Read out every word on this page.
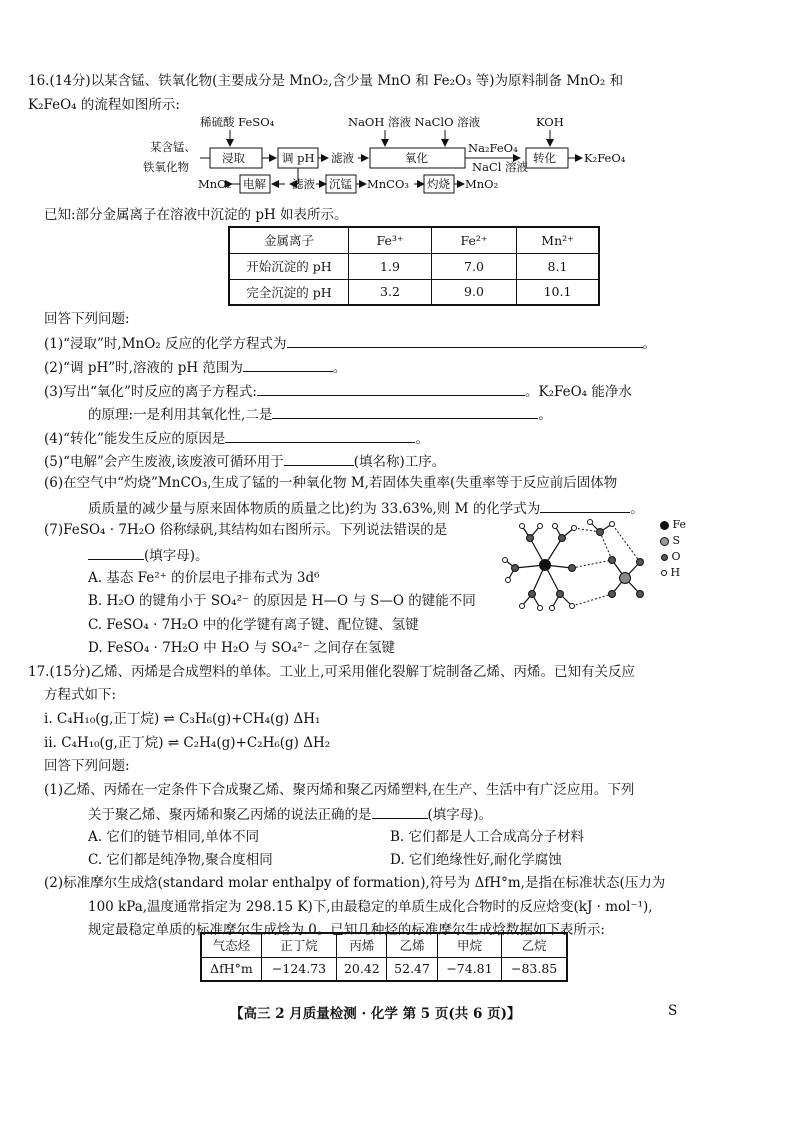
16.(14分)以某含锰、铁氧化物(主要成分是 MnO₂,含少量 MnO 和 Fe₂O₃ 等)为原料制备 MnO₂ 和
K₂FeO₄ 的流程如图所示:
某含锰、
铁氧化物
稀硫酸 FeSO₄
浸取	调 pH 滤液
NaOH 溶液 NaClO 溶液
氧化
Na₂FeO₄
NaCl 溶液
KOH
转化 K₂FeO₄
MnO₂ 电解 滤液 沉锰 MnCO₃ 灼烧 MnO₂
已知:部分金属离子在溶液中沉淀的 pH 如表所示。
金属离子	Fe³⁺	Fe²⁺	Mn²⁺
开始沉淀的 pH	1.9	7.0	8.1
完全沉淀的 pH	3.2	9.0	10.1
回答下列问题:
(1)“浸取”时,MnO₂ 反应的化学方程式为	。
(2)“调 pH”时,溶液的 pH 范围为	。
(3)写出“氧化”时反应的离子方程式:	。K₂FeO₄ 能净水
的原理:一是利用其氧化性,二是	。
(4)“转化”能发生反应的原因是	。
(5)“电解”会产生废液,该废液可循环用于	(填名称)工序。
(6)在空气中“灼烧”MnCO₃,生成了锰的一种氧化物 M,若固体失重率(失重率等于反应前后固体物
质质量的减少量与原来固体物质的质量之比)约为 33.63%,则 M 的化学式为	。
(7)FeSO₄ · 7H₂O 俗称绿矾,其结构如右图所示。下列说法错误的是
(填字母)。
A. 基态 Fe²⁺ 的价层电子排布式为 3d⁶
B. H₂O 的键角小于 SO₄²⁻ 的原因是 H—O 与 S—O 的键能不同
C. FeSO₄ · 7H₂O 中的化学键有离子键、配位键、氢键
D. FeSO₄ · 7H₂O 中 H₂O 与 SO₄²⁻ 之间存在氢键
Fe
S
O
H
17.(15分)乙烯、丙烯是合成塑料的单体。工业上,可采用催化裂解丁烷制备乙烯、丙烯。已知有关反应
方程式如下:
ⅰ. C₄H₁₀(g,正丁烷) ⇌ C₃H₆(g)+CH₄(g) ΔH₁
ⅱ. C₄H₁₀(g,正丁烷) ⇌ C₂H₄(g)+C₂H₆(g) ΔH₂
回答下列问题:
(1)乙烯、丙烯在一定条件下合成聚乙烯、聚丙烯和聚乙丙烯塑料,在生产、生活中有广泛应用。下列
关于聚乙烯、聚丙烯和聚乙丙烯的说法正确的是	(填字母)。
A. 它们的链节相同,单体不同	B. 它们都是人工合成高分子材料
C. 它们都是纯净物,聚合度相同	D. 它们绝缘性好,耐化学腐蚀
(2)标准摩尔生成焓(standard molar enthalpy of formation),符号为 ΔfH°m,是指在标准状态(压力为
100 kPa,温度通常指定为 298.15 K)下,由最稳定的单质生成化合物时的反应焓变(kJ · mol⁻¹),
规定最稳定单质的标准摩尔生成焓为 0。已知几种烃的标准摩尔生成焓数据如下表所示:
气态烃	正丁烷	丙烯	乙烯	甲烷	乙烷
ΔfH°m	−124.73	20.42	52.47	−74.81	−83.85
【高三 2 月质量检测 · 化学 第 5 页(共 6 页)】	S
